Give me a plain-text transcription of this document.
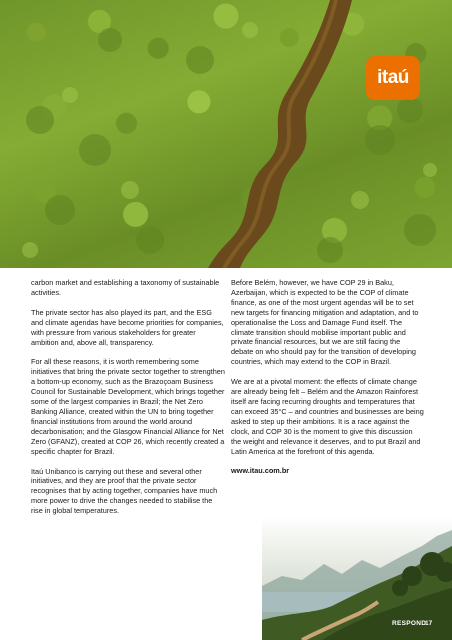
itaú

carbon market and establishing a taxonomy of sustainable activities.

The private sector has also played its part, and the ESG and climate agendas have become priorities for companies, with pressure from various stakeholders for greater ambition and, above all, transparency.

For all these reasons, it is worth remembering some initiatives that bring the private sector together to strengthen a bottom-up economy, such as the Brazoçoam Business Council for Sustainable Development, which brings together some of the largest companies in Brazil; the Net Zero Banking Alliance, created within the UN to bring together financial institutions from around the world around decarbonisation; and the Glasgow Financial Alliance for Net Zero (GFANZ), created at COP 26, which recently created a specific chapter for Brazil.

Itaú Unibanco is carrying out these and several other initiatives, and they are proof that the private sector recognises that by acting together, companies have much more power to drive the changes needed to stabilise the rise in global temperatures.

Before Belém, however, we have COP 29 in Baku, Azerbaijan, which is expected to be the COP of climate finance, as one of the most urgent agendas will be to set new targets for financing mitigation and adaptation, and to operationalise the Loss and Damage Fund itself. The climate transition should mobilise important public and private financial resources, but we are still facing the debate on who should pay for the transition of developing countries, which may extend to the COP in Brazil.

We are at a pivotal moment: the effects of climate change are already being felt – Belém and the Amazon Rainforest itself are facing recurring droughts and temperatures that can exceed 35°C – and countries and businesses are being asked to step up their ambitions. It is a race against the clock, and COP 30 is the moment to give this discussion the weight and relevance it deserves, and to put Brazil and Latin America at the forefront of this agenda.

www.itau.com.br

RESPOND
17
